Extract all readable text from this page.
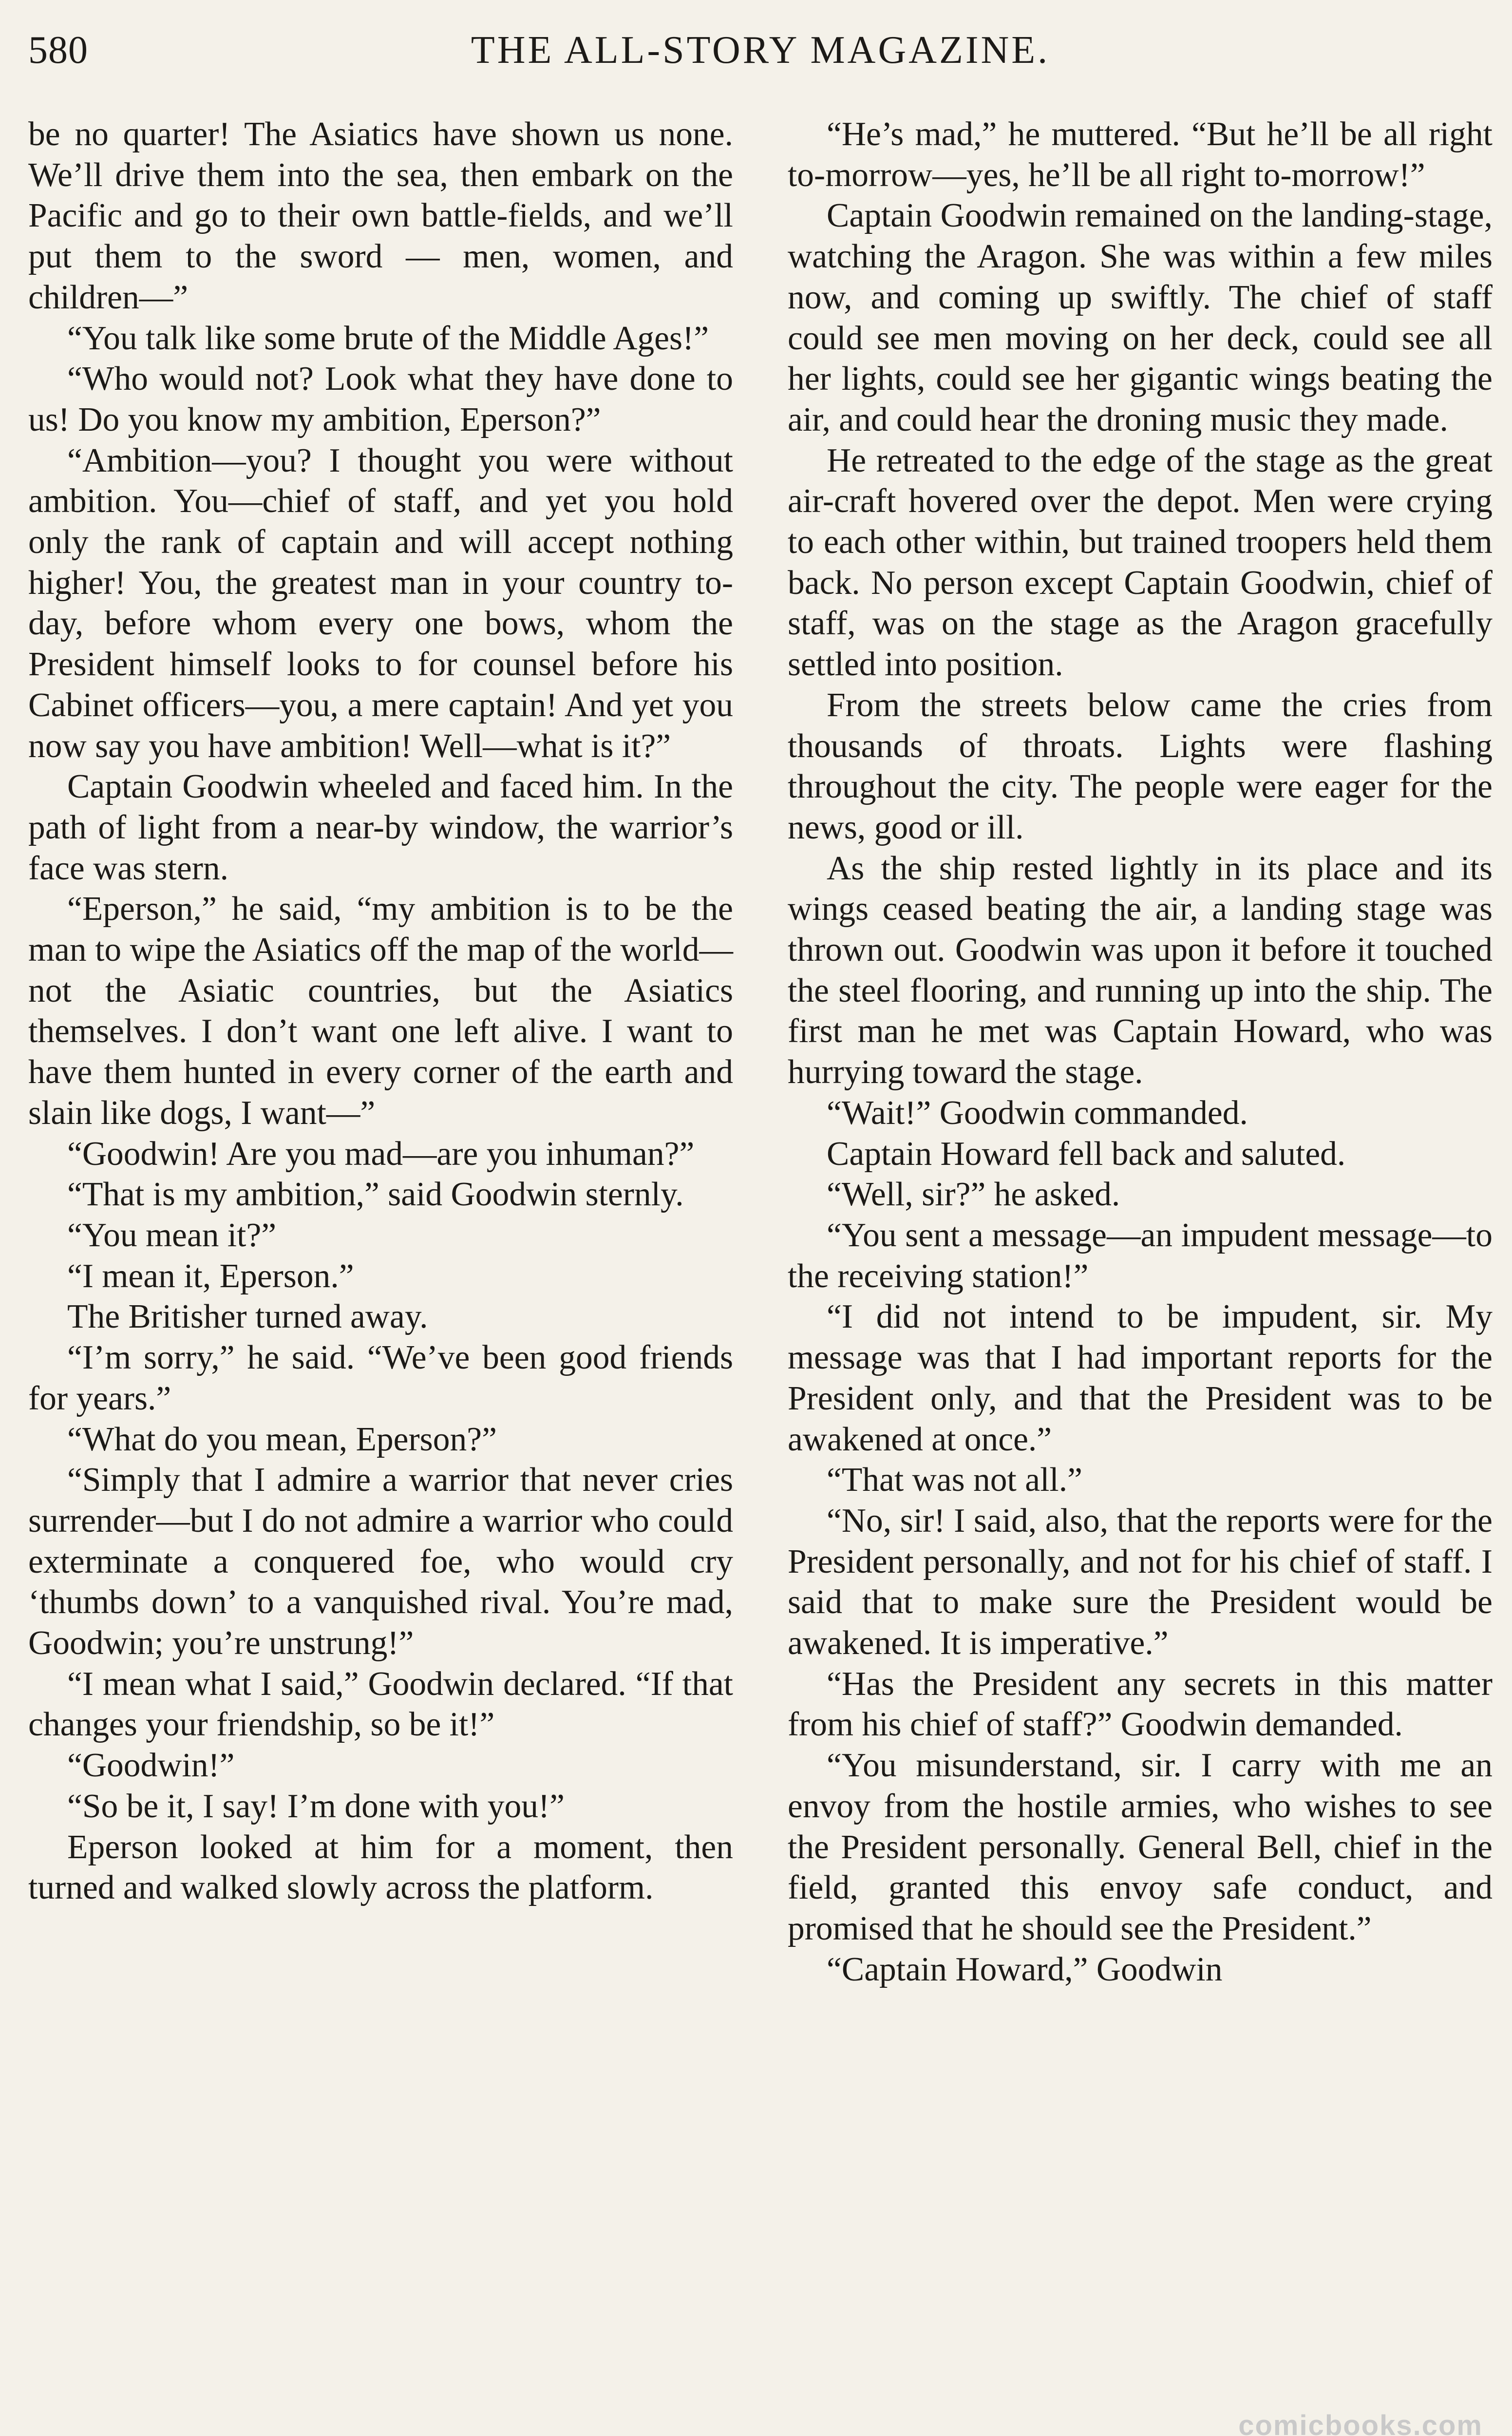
580	THE ALL-STORY MAGAZINE.

be no quarter! The Asiatics have shown us none. We’ll drive them into the sea, then embark on the Pacific and go to their own battle-fields, and we’ll put them to the sword — men, women, and children—”

“You talk like some brute of the Middle Ages!”

“Who would not? Look what they have done to us! Do you know my ambition, Eperson?”

“Ambition—you? I thought you were without ambition. You—chief of staff, and yet you hold only the rank of captain and will accept nothing higher! You, the greatest man in your country to-day, before whom every one bows, whom the President himself looks to for counsel before his Cabinet officers—you, a mere captain! And yet you now say you have ambition! Well—what is it?”

Captain Goodwin wheeled and faced him. In the path of light from a near-by window, the warrior’s face was stern.

“Eperson,” he said, “my ambition is to be the man to wipe the Asiatics off the map of the world—not the Asiatic countries, but the Asiatics themselves. I don’t want one left alive. I want to have them hunted in every corner of the earth and slain like dogs, I want—”

“Goodwin! Are you mad—are you inhuman?”

“That is my ambition,” said Goodwin sternly.

“You mean it?”

“I mean it, Eperson.”

The Britisher turned away.

“I’m sorry,” he said. “We’ve been good friends for years.”

“What do you mean, Eperson?”

“Simply that I admire a warrior that never cries surrender—but I do not admire a warrior who could exterminate a conquered foe, who would cry ‘thumbs down’ to a vanquished rival. You’re mad, Goodwin; you’re unstrung!”

“I mean what I said,” Goodwin declared. “If that changes your friendship, so be it!”

“Goodwin!”

“So be it, I say! I’m done with you!”

Eperson looked at him for a moment, then turned and walked slowly across the platform.

“He’s mad,” he muttered. “But he’ll be all right to-morrow—yes, he’ll be all right to-morrow!”

Captain Goodwin remained on the landing-stage, watching the Aragon. She was within a few miles now, and coming up swiftly. The chief of staff could see men moving on her deck, could see all her lights, could see her gigantic wings beating the air, and could hear the droning music they made.

He retreated to the edge of the stage as the great air-craft hovered over the depot. Men were crying to each other within, but trained troopers held them back. No person except Captain Goodwin, chief of staff, was on the stage as the Aragon gracefully settled into position.

From the streets below came the cries from thousands of throats. Lights were flashing throughout the city. The people were eager for the news, good or ill.

As the ship rested lightly in its place and its wings ceased beating the air, a landing stage was thrown out. Goodwin was upon it before it touched the steel flooring, and running up into the ship. The first man he met was Captain Howard, who was hurrying toward the stage.

“Wait!” Goodwin commanded.

Captain Howard fell back and saluted.

“Well, sir?” he asked.

“You sent a message—an impudent message—to the receiving station!”

“I did not intend to be impudent, sir. My message was that I had important reports for the President only, and that the President was to be awakened at once.”

“That was not all.”

“No, sir! I said, also, that the reports were for the President personally, and not for his chief of staff. I said that to make sure the President would be awakened. It is imperative.”

“Has the President any secrets in this matter from his chief of staff?” Goodwin demanded.

“You misunderstand, sir. I carry with me an envoy from the hostile armies, who wishes to see the President personally. General Bell, chief in the field, granted this envoy safe conduct, and promised that he should see the President.”

“Captain Howard,” Goodwin

comicbooks.com
